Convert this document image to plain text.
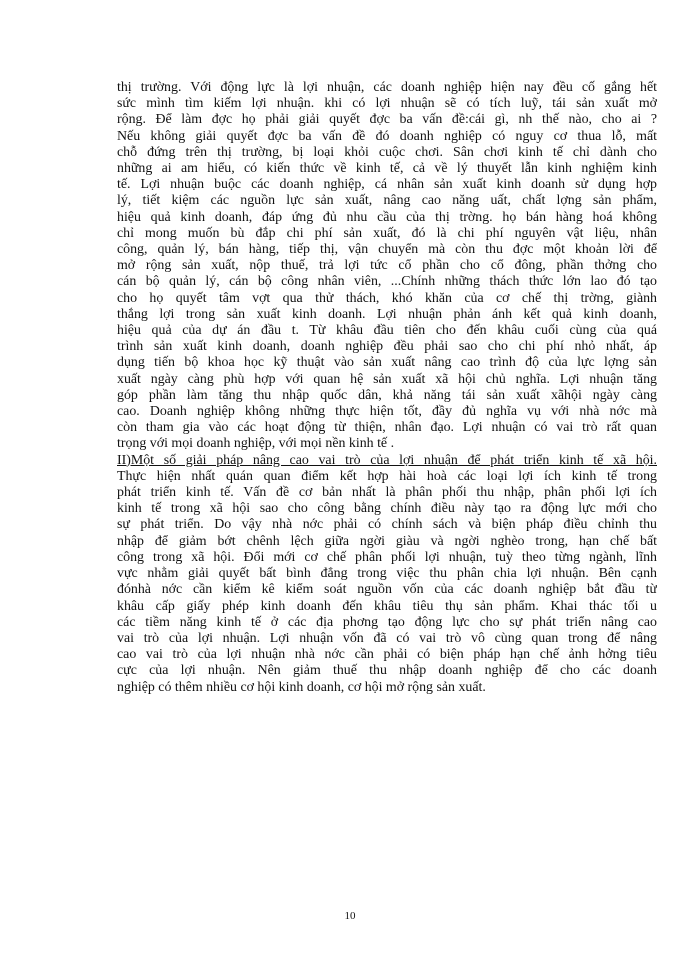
thị trường. Với động lực là lợi nhuận, các doanh nghiệp hiện nay đều cố gắng hết
sức mình tìm kiếm lợi nhuận. khi có lợi nhuận sẽ có tích luỹ, tái sản xuất mở
rộng. Để làm đợc họ phải giải quyết đợc ba vấn đề:cái gì, nh thế nào, cho ai ?
Nếu không giải quyết đợc ba vấn đề đó doanh nghiệp có nguy cơ thua lỗ, mất
chỗ đứng trên thị trường, bị loại khỏi cuộc chơi. Sân chơi kinh tế chỉ dành cho
những ai am hiểu, có kiến thức về kinh tế, cả về lý thuyết lẫn kinh nghiệm kinh
tế. Lợi nhuận buộc các doanh nghiệp, cá nhân sản xuất kinh doanh sử dụng hợp
lý, tiết kiệm các nguồn lực sản xuất, nâng cao năng uất, chất lợng sản phẩm,
hiệu quả kinh doanh, đáp ứng đủ nhu cầu của thị trờng. họ bán hàng hoá không
chỉ mong muốn bù đắp chi phí sản xuất, đó là chi phí nguyên vật liệu, nhân
công, quản lý, bán hàng, tiếp thị, vận chuyển mà còn thu đợc một khoản lời để
mở rộng sản xuất, nộp thuế, trả lợi tức cổ phần cho cổ đông, phần thởng cho
cán bộ quản lý, cán bộ công nhân viên, ...Chính những thách thức lớn lao đó tạo
cho họ quyết tâm vợt qua thử thách, khó khăn của cơ chế thị trờng, giành
thắng lợi trong sản xuất kinh doanh. Lợi nhuận phản ánh kết quả kinh doanh,
hiệu quả của dự án đầu t. Từ khâu đầu tiên cho đến khâu cuối cùng của quá
trình sản xuất kinh doanh, doanh nghiệp đều phải sao cho chi phí nhỏ nhất, áp
dụng tiến bộ khoa học kỹ thuật vào sản xuất nâng cao trình độ của lực lợng sản
xuất ngày càng phù hợp với quan hệ sản xuất xã hội chủ nghĩa. Lợi nhuận tăng
góp phần làm tăng thu nhập quốc dân, khả năng tái sản xuất xãhội ngày càng
cao. Doanh nghiệp không những thực hiện tốt, đầy đủ nghĩa vụ với nhà nớc mà
còn tham gia vào các hoạt động từ thiện, nhân đạo. Lợi nhuận có vai trò rất quan
trọng với mọi doanh nghiệp, với mọi nền kinh tế .
II)Một số giải pháp nâng cao vai trò của lợi nhuận để phát triển kinh tế xã hội.
Thực hiện nhất quán quan điểm kết hợp hài hoà các loại lợi ích kinh tế trong
phát triển kinh tế. Vấn đề cơ bản nhất là phân phối thu nhập, phân phối lợi ích
kinh tế trong xã hội sao cho công bằng chính điều này tạo ra động lực mới cho
sự phát triển. Do vậy nhà nớc phải có chính sách và biện pháp điều chỉnh thu
nhập để giảm bớt chênh lệch giữa ngời giàu và ngời nghèo trong, hạn chế bất
công trong xã hội. Đổi mới cơ chế phân phối lợi nhuận, tuỳ theo từng ngành, lĩnh
vực nhằm giải quyết bất bình đẳng trong việc thu phân chia lợi nhuận. Bên cạnh
đónhà nớc cần kiểm kê kiểm soát nguồn vốn của các doanh nghiệp bắt đầu từ
khâu cấp giấy phép kinh doanh đến khâu tiêu thụ sản phẩm. Khai thác tối u
các tiềm năng kinh tế ở các địa phơng tạo động lực cho sự phát triển nâng cao
vai trò của lợi nhuận. Lợi nhuận vốn đã có vai trò vô cùng quan trong để nâng
cao vai trò của lợi nhuận nhà nớc cần phải có biện pháp hạn chế ảnh hởng tiêu
cực của lợi nhuận. Nên giảm thuế thu nhập doanh nghiệp để cho các doanh
nghiệp có thêm nhiều cơ hội kinh doanh, cơ hội mở rộng sản xuất.
10
